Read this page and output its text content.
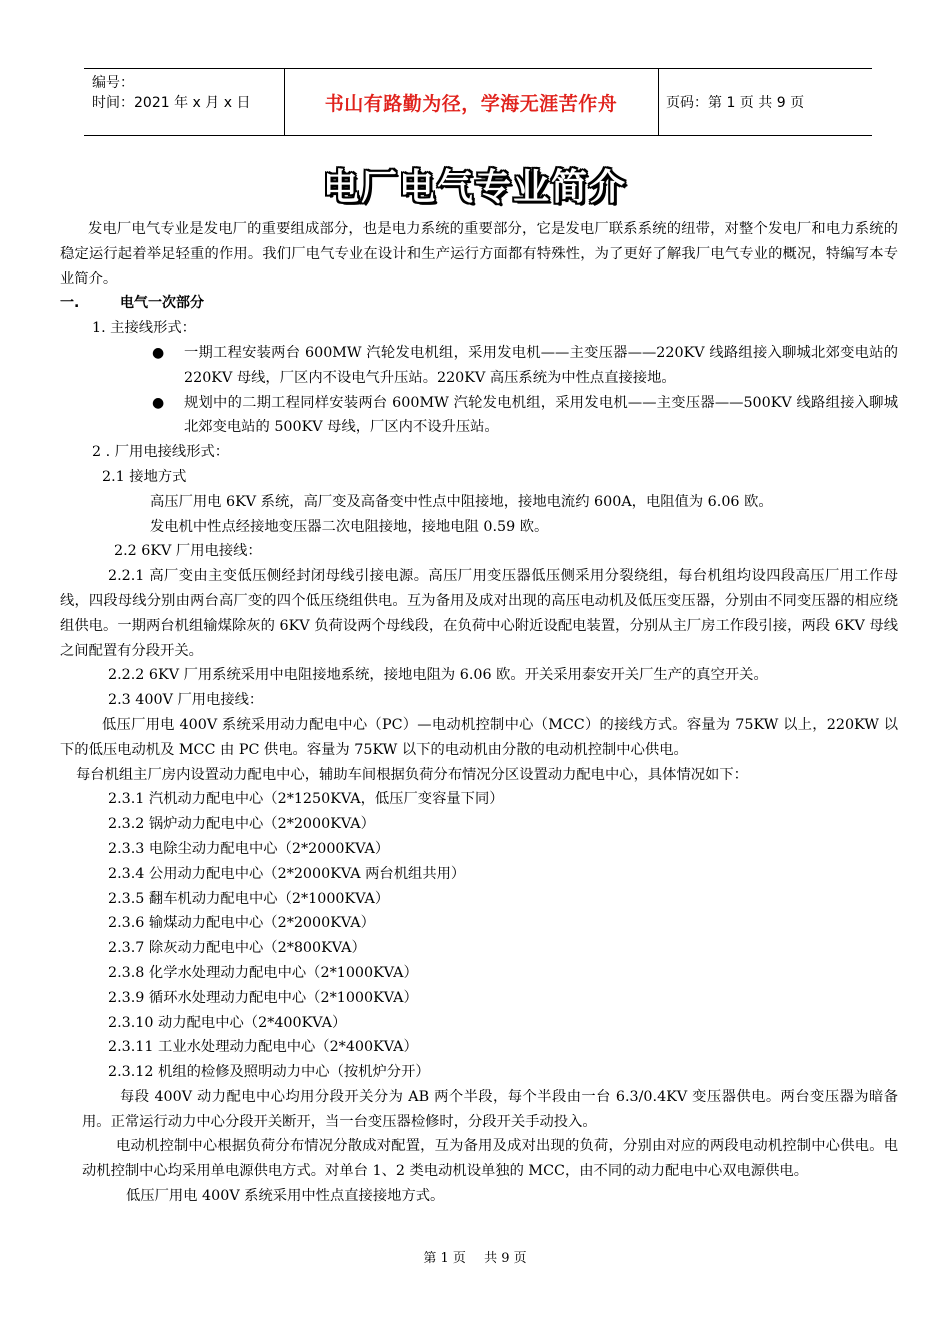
编号：
时间：2021 年 x 月 x 日	书山有路勤为径，学海无涯苦作舟	页码：第 1 页 共 9 页
电厂电气专业简介

发电厂电气专业是发电厂的重要组成部分，也是电力系统的重要部分，它是发电厂联系系统的纽带，对整个发电厂和电力系统的稳定运行起着举足轻重的作用。我们厂电气专业在设计和生产运行方面都有特殊性，为了更好了解我厂电气专业的概况，特编写本专业简介。

一.	电气一次部分

1. 主接线形式：

● 一期工程安装两台 600MW 汽轮发电机组，采用发电机——主变压器——220KV 线路组接入聊城北郊变电站的 220KV 母线，厂区内不设电气升压站。220KV 高压系统为中性点直接接地。

● 规划中的二期工程同样安装两台 600MW 汽轮发电机组，采用发电机——主变压器——500KV 线路组接入聊城北郊变电站的 500KV 母线，厂区内不设升压站。

2 . 厂用电接线形式：

2.1 接地方式

高压厂用电 6KV 系统，高厂变及高备变中性点中阻接地，接地电流约 600A，电阻值为 6.06 欧。

发电机中性点经接地变压器二次电阻接地，接地电阻 0.59 欧。

2.2 6KV 厂用电接线：

2.2.1 高厂变由主变低压侧经封闭母线引接电源。高压厂用变压器低压侧采用分裂绕组，每台机组均设四段高压厂用工作母线，四段母线分别由两台高厂变的四个低压绕组供电。互为备用及成对出现的高压电动机及低压变压器，分别由不同变压器的相应绕组供电。一期两台机组输煤除灰的 6KV 负荷设两个母线段，在负荷中心附近设配电装置，分别从主厂房工作段引接，两段 6KV 母线之间配置有分段开关。

2.2.2 6KV 厂用系统采用中电阻接地系统，接地电阻为 6.06 欧。开关采用泰安开关厂生产的真空开关。

2.3 400V 厂用电接线：

低压厂用电 400V 系统采用动力配电中心（PC）—电动机控制中心（MCC）的接线方式。容量为 75KW 以上，220KW 以下的低压电动机及 MCC 由 PC 供电。容量为 75KW 以下的电动机由分散的电动机控制中心供电。

每台机组主厂房内设置动力配电中心，辅助车间根据负荷分布情况分区设置动力配电中心，具体情况如下：

2.3.1 汽机动力配电中心（2*1250KVA，低压厂变容量下同）

2.3.2 锅炉动力配电中心（2*2000KVA）

2.3.3 电除尘动力配电中心（2*2000KVA）

2.3.4 公用动力配电中心（2*2000KVA 两台机组共用）

2.3.5 翻车机动力配电中心（2*1000KVA）

2.3.6 输煤动力配电中心（2*2000KVA）

2.3.7 除灰动力配电中心（2*800KVA）

2.3.8 化学水处理动力配电中心（2*1000KVA）

2.3.9 循环水处理动力配电中心（2*1000KVA）

2.3.10 动力配电中心（2*400KVA）

2.3.11 工业水处理动力配电中心（2*400KVA）

2.3.12 机组的检修及照明动力中心（按机炉分开）

每段 400V 动力配电中心均用分段开关分为 AB 两个半段，每个半段由一台 6.3/0.4KV 变压器供电。两台变压器为暗备用。正常运行动力中心分段开关断开，当一台变压器检修时，分段开关手动投入。

电动机控制中心根据负荷分布情况分散成对配置，互为备用及成对出现的负荷，分别由对应的两段电动机控制中心供电。电动机控制中心均采用单电源供电方式。对单台 1、2 类电动机设单独的 MCC，由不同的动力配电中心双电源供电。

低压厂用电 400V 系统采用中性点直接接地方式。

第 1 页 共 9 页
